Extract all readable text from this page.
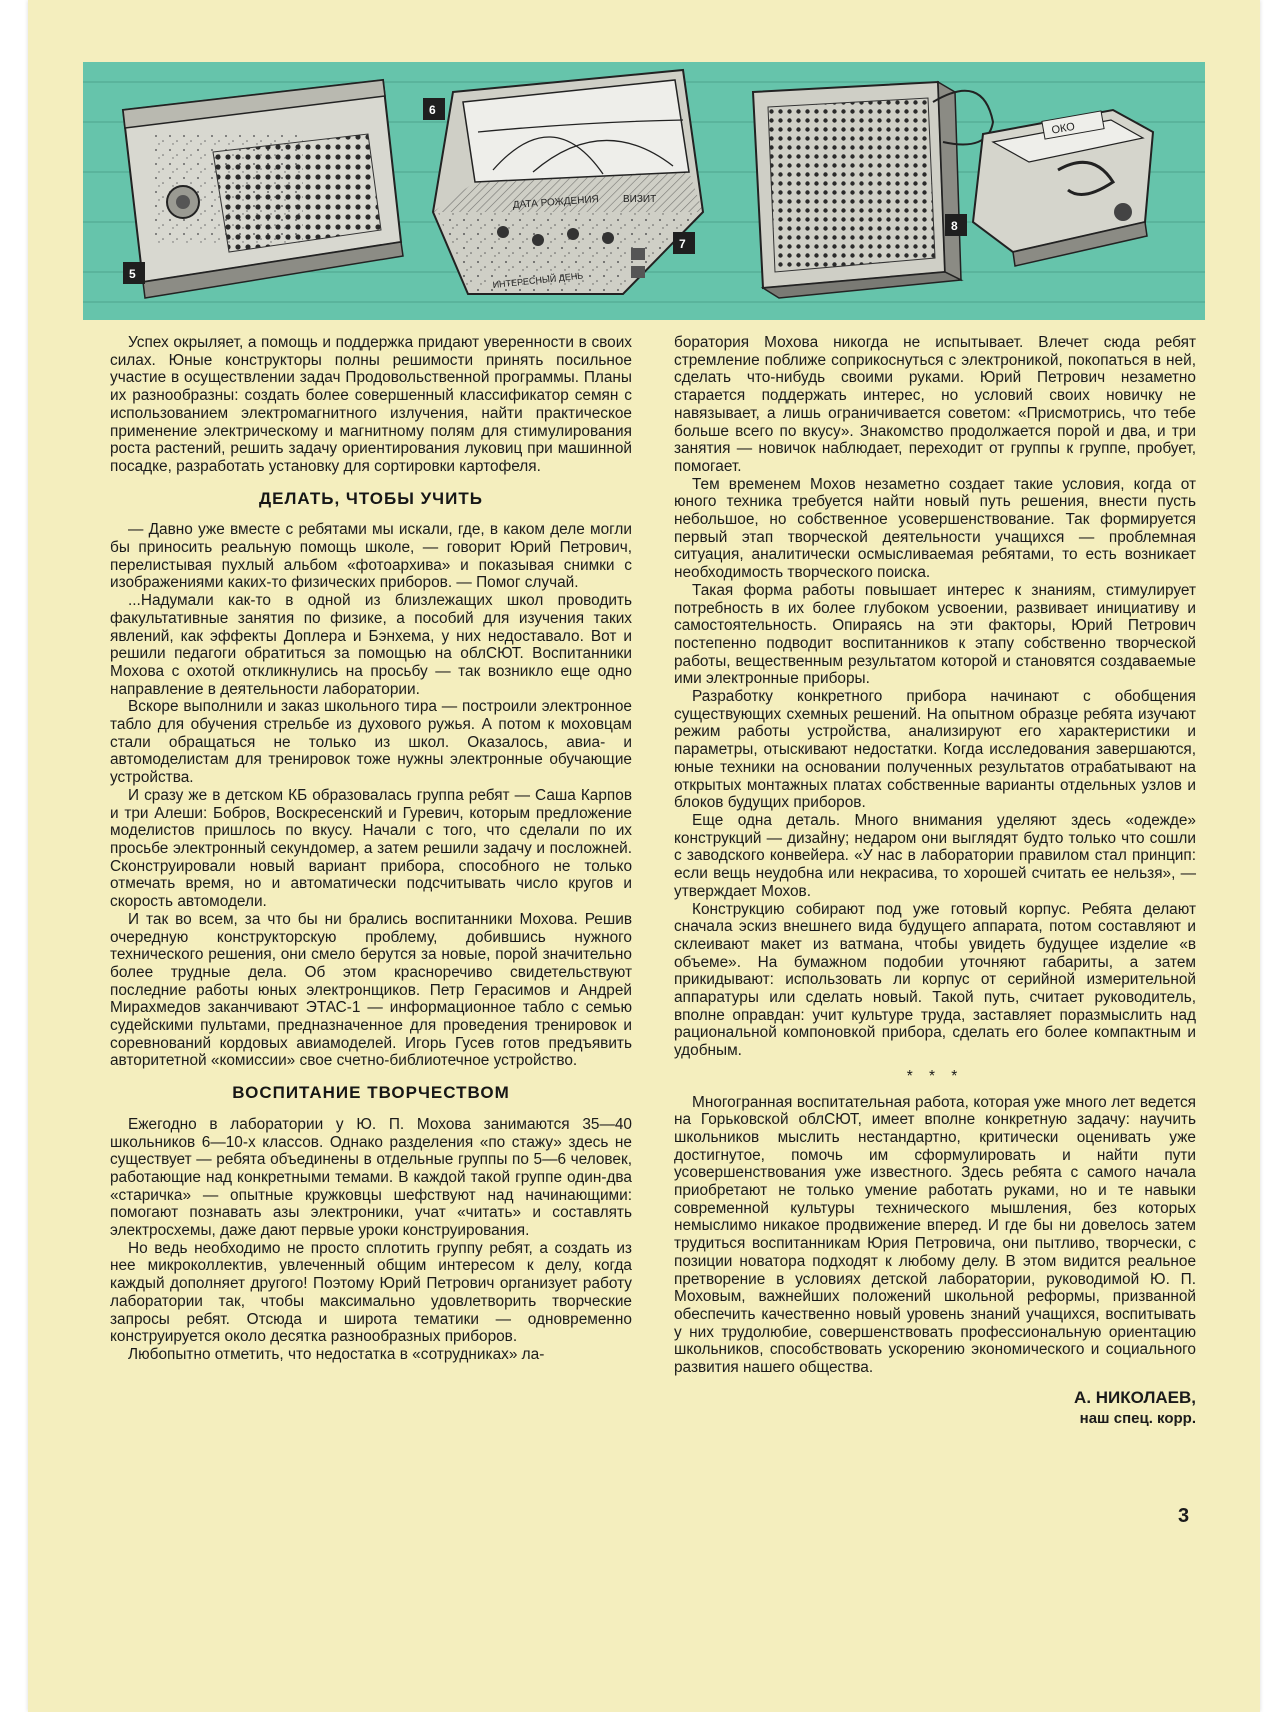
ДАТА РОЖДЕНИЯ ВИЗИТ
ИНТЕРЕСНЫЙ ДЕНЬ
ОКО
5
6
7
8

Успех окрыляет, а помощь и поддержка придают уверенности в своих силах. Юные конструкторы полны решимости принять посильное участие в осуществлении задач Продовольственной программы. Планы их разнообразны: создать более совершенный классификатор семян с использованием электромагнитного излучения, найти практическое применение электрическому и магнитному полям для стимулирования роста растений, решить задачу ориентирования луковиц при машинной посадке, разработать установку для сортировки картофеля.

ДЕЛАТЬ, ЧТОБЫ УЧИТЬ

— Давно уже вместе с ребятами мы искали, где, в каком деле могли бы приносить реальную помощь школе, — говорит Юрий Петрович, перелистывая пухлый альбом «фотоархива» и показывая снимки с изображениями каких-то физических приборов. — Помог случай.

...Надумали как-то в одной из близлежащих школ проводить факультативные занятия по физике, а пособий для изучения таких явлений, как эффекты Доплера и Бэнхема, у них недоставало. Вот и решили педагоги обратиться за помощью на облСЮТ. Воспитанники Мохова с охотой откликнулись на просьбу — так возникло еще одно направление в деятельности лаборатории.

Вскоре выполнили и заказ школьного тира — построили электронное табло для обучения стрельбе из духового ружья. А потом к моховцам стали обращаться не только из школ. Оказалось, авиа- и автомоделистам для тренировок тоже нужны электронные обучающие устройства.

И сразу же в детском КБ образовалась группа ребят — Саша Карпов и три Алеши: Бобров, Воскресенский и Гуревич, которым предложение моделистов пришлось по вкусу. Начали с того, что сделали по их просьбе электронный секундомер, а затем решили задачу и посложней. Сконструировали новый вариант прибора, способного не только отмечать время, но и автоматически подсчитывать число кругов и скорость автомодели.

И так во всем, за что бы ни брались воспитанники Мохова. Решив очередную конструкторскую проблему, добившись нужного технического решения, они смело берутся за новые, порой значительно более трудные дела. Об этом красноречиво свидетельствуют последние работы юных электронщиков. Петр Герасимов и Андрей Мирахмедов заканчивают ЭТАС-1 — информационное табло с семью судейскими пультами, предназначенное для проведения тренировок и соревнований кордовых авиамоделей. Игорь Гусев готов предъявить авторитетной «комиссии» свое счетно-библиотечное устройство.

ВОСПИТАНИЕ ТВОРЧЕСТВОМ

Ежегодно в лаборатории у Ю. П. Мохова занимаются 35—40 школьников 6—10-х классов. Однако разделения «по стажу» здесь не существует — ребята объединены в отдельные группы по 5—6 человек, работающие над конкретными темами. В каждой такой группе один-два «старичка» — опытные кружковцы шефствуют над начинающими: помогают познавать азы электроники, учат «читать» и составлять электросхемы, даже дают первые уроки конструирования.

Но ведь необходимо не просто сплотить группу ребят, а создать из нее микроколлектив, увлеченный общим интересом к делу, когда каждый дополняет другого! Поэтому Юрий Петрович организует работу лаборатории так, чтобы максимально удовлетворить творческие запросы ребят. Отсюда и широта тематики — одновременно конструируется около десятка разнообразных приборов.

Любопытно отметить, что недостатка в «сотрудниках» ла-

боратория Мохова никогда не испытывает. Влечет сюда ребят стремление поближе соприкоснуться с электроникой, покопаться в ней, сделать что-нибудь своими руками. Юрий Петрович незаметно старается поддержать интерес, но условий своих новичку не навязывает, а лишь ограничивается советом: «Присмотрись, что тебе больше всего по вкусу». Знакомство продолжается порой и два, и три занятия — новичок наблюдает, переходит от группы к группе, пробует, помогает.

Тем временем Мохов незаметно создает такие условия, когда от юного техника требуется найти новый путь решения, внести пусть небольшое, но собственное усовершенствование. Так формируется первый этап творческой деятельности учащихся — проблемная ситуация, аналитически осмысливаемая ребятами, то есть возникает необходимость творческого поиска.

Такая форма работы повышает интерес к знаниям, стимулирует потребность в их более глубоком усвоении, развивает инициативу и самостоятельность. Опираясь на эти факторы, Юрий Петрович постепенно подводит воспитанников к этапу собственно творческой работы, вещественным результатом которой и становятся создаваемые ими электронные приборы.

Разработку конкретного прибора начинают с обобщения существующих схемных решений. На опытном образце ребята изучают режим работы устройства, анализируют его характеристики и параметры, отыскивают недостатки. Когда исследования завершаются, юные техники на основании полученных результатов отрабатывают на открытых монтажных платах собственные варианты отдельных узлов и блоков будущих приборов.

Еще одна деталь. Много внимания уделяют здесь «одежде» конструкций — дизайну; недаром они выглядят будто только что сошли с заводского конвейера. «У нас в лаборатории правилом стал принцип: если вещь неудобна или некрасива, то хорошей считать ее нельзя», — утверждает Мохов.

Конструкцию собирают под уже готовый корпус. Ребята делают сначала эскиз внешнего вида будущего аппарата, потом составляют и склеивают макет из ватмана, чтобы увидеть будущее изделие «в объеме». На бумажном подобии уточняют габариты, а затем прикидывают: использовать ли корпус от серийной измерительной аппаратуры или сделать новый. Такой путь, считает руководитель, вполне оправдан: учит культуре труда, заставляет поразмыслить над рациональной компоновкой прибора, сделать его более компактным и удобным.

* * *

Многогранная воспитательная работа, которая уже много лет ведется на Горьковской облСЮТ, имеет вполне конкретную задачу: научить школьников мыслить нестандартно, критически оценивать уже достигнутое, помочь им сформулировать и найти пути усовершенствования уже известного. Здесь ребята с самого начала приобретают не только умение работать руками, но и те навыки современной культуры технического мышления, без которых немыслимо никакое продвижение вперед. И где бы ни довелось затем трудиться воспитанникам Юрия Петровича, они пытливо, творчески, с позиции новатора подходят к любому делу. В этом видится реальное претворение в условиях детской лаборатории, руководимой Ю. П. Моховым, важнейших положений школьной реформы, призванной обеспечить качественно новый уровень знаний учащихся, воспитывать у них трудолюбие, совершенствовать профессиональную ориентацию школьников, способствовать ускорению экономического и социального развития нашего общества.

А. НИКОЛАЕВ,
наш спец. корр.
3
